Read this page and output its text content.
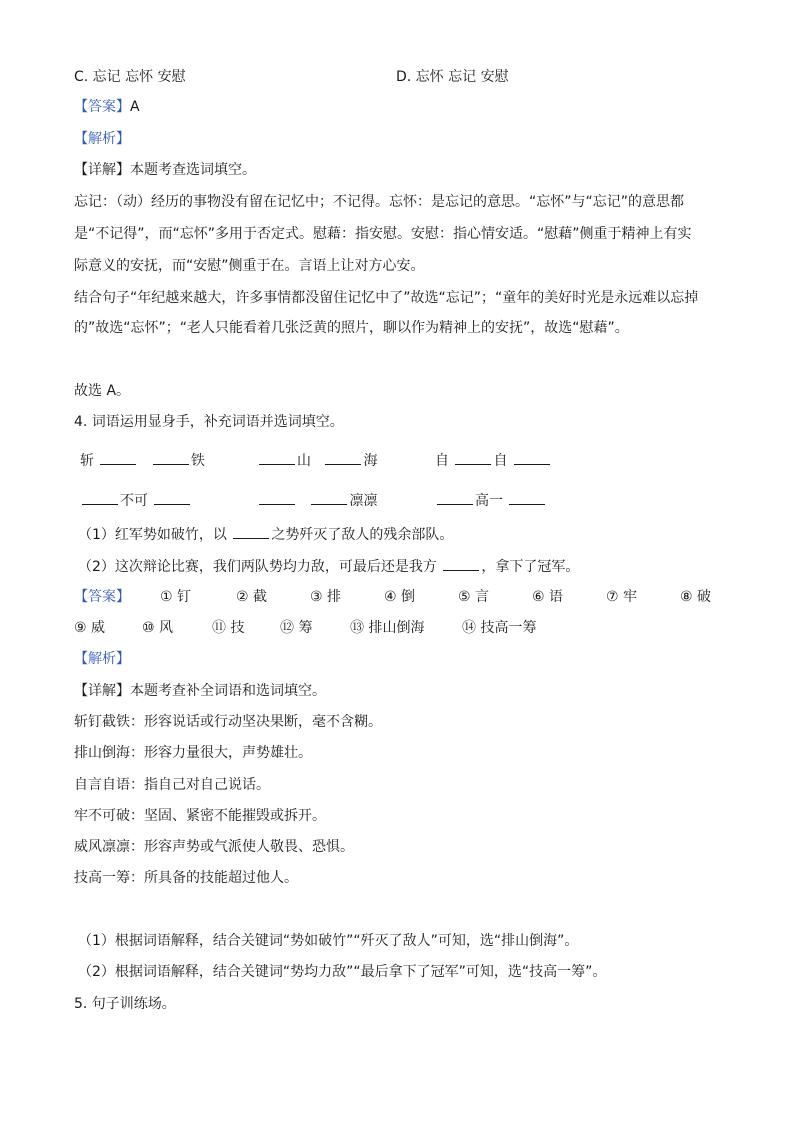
C. 忘记 忘怀 安慰	D. 忘怀 忘记 安慰
【答案】A
【解析】
【详解】本题考查选词填空。
忘记：（动）经历的事物没有留在记忆中；不记得。忘怀：是忘记的意思。“忘怀”与“忘记”的意思都
是“不记得”，而“忘怀”多用于否定式。慰藉：指安慰。安慰：指心情安适。“慰藉”侧重于精神上有实
际意义的安抚，而“安慰”侧重于在。言语上让对方心安。
结合句子“年纪越来越大，许多事情都没留住记忆中了”故选“忘记”；“童年的美好时光是永远难以忘掉
的”故选“忘怀”；“老人只能看着几张泛黄的照片，聊以作为精神上的安抚”，故选“慰藉”。
故选 A。
4. 词语运用显身手，补充词语并选词填空。
斩	铁	山	海	自	自
不可	凛凛	高一
（1）红军势如破竹，以	之势歼灭了敌人的残余部队。
（2）这次辩论比赛，我们两队势均力敌，可最后还是我方	，拿下了冠军。
【答案】 ① 钉	② 截	③ 排	④ 倒	⑤ 言	⑥ 语	⑦ 牢	⑧ 破
⑨ 威	⑩ 风	⑪ 技	⑫ 筹	⑬ 排山倒海	⑭ 技高一筹
【解析】
【详解】本题考查补全词语和选词填空。
斩钉截铁：形容说话或行动坚决果断，毫不含糊。
排山倒海：形容力量很大，声势雄壮。
自言自语：指自己对自己说话。
牢不可破：坚固、紧密不能摧毁或拆开。
威风凛凛：形容声势或气派使人敬畏、恐惧。
技高一筹：所具备的技能超过他人。
（1）根据词语解释，结合关键词“势如破竹”“歼灭了敌人”可知，选“排山倒海”。
（2）根据词语解释，结合关键词“势均力敌”“最后拿下了冠军”可知，选“技高一筹”。
5. 句子训练场。
